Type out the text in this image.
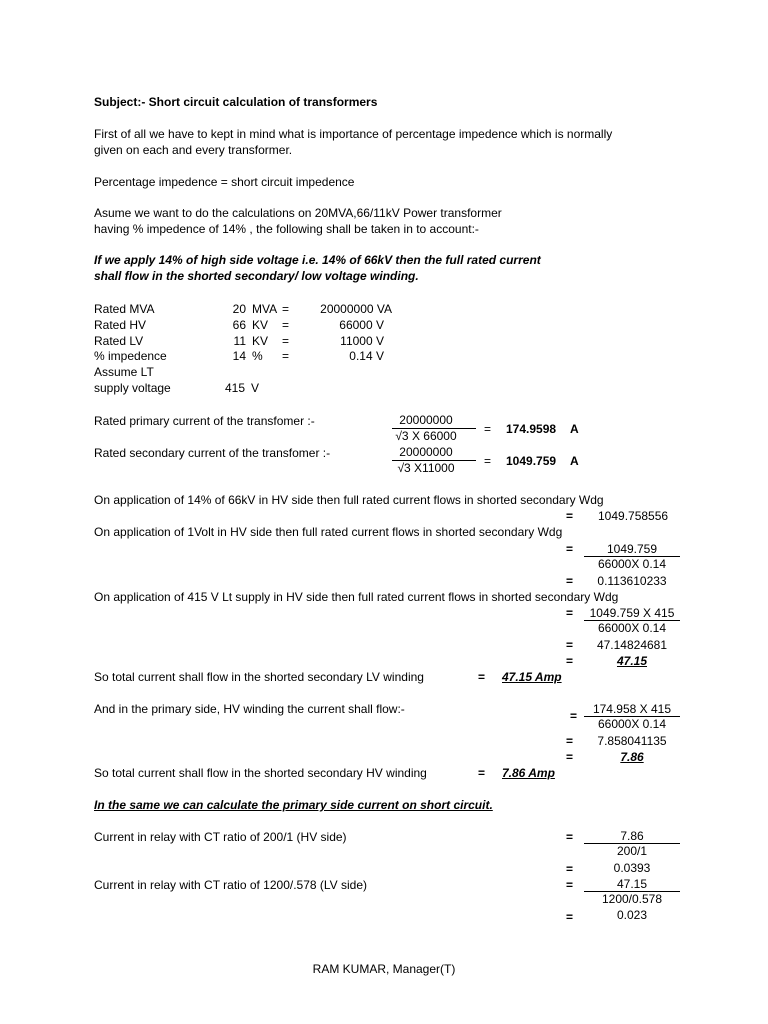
Subject:- Short circuit calculation of transformers
First of all we have to kept in mind what is importance of percentage impedence which is normally
given on each and every transformer.
Percentage impedence = short circuit impedence
Asume we want to do the calculations on 20MVA,66/11kV Power transformer
having % impedence of 14% , the following shall be taken in to account:-
If we apply 14% of high side voltage i.e. 14% of 66kV then the full rated current
shall flow in the shorted secondary/ low voltage winding.
Rated MVA	20 MVA =	20000000 VA
Rated HV	66 KV =	66000 V
Rated LV	11 KV =	11000 V
% impedence	14 % =	0.14 V
Assume LT
supply voltage	415 V
Rated primary current of the transfomer :-	20000000
√3 X 66000	= 174.9598 A
Rated secondary current of the transfomer :-	20000000
√3 X11000	= 1049.759 A
On application of 14% of 66kV in HV side then full rated current flows in shorted secondary Wdg
= 1049.758556
On application of 1Volt in HV side then full rated current flows in shorted secondary Wdg
=	1049.759
66000X 0.14
=	0.113610233
On application of 415 V Lt supply in HV side then full rated current flows in shorted secondary Wdg
=	1049.759 X 415
66000X 0.14
=	47.14824681
=	47.15
So total current shall flow in the shorted secondary LV winding	= 47.15 Amp
And in the primary side, HV winding the current shall flow:-	174.958 X 415
=
66000X 0.14
=	7.858041135
=	7.86
So total current shall flow in the shorted secondary HV winding	= 7.86 Amp
In the same we can calculate the primary side current on short circuit.
Current in relay with CT ratio of 200/1 (HV side)	=	7.86
200/1
=	0.0393
Current in relay with CT ratio of 1200/.578 (LV side)	=	47.15
1200/0.578
=	0.023
RAM KUMAR, Manager(T)
